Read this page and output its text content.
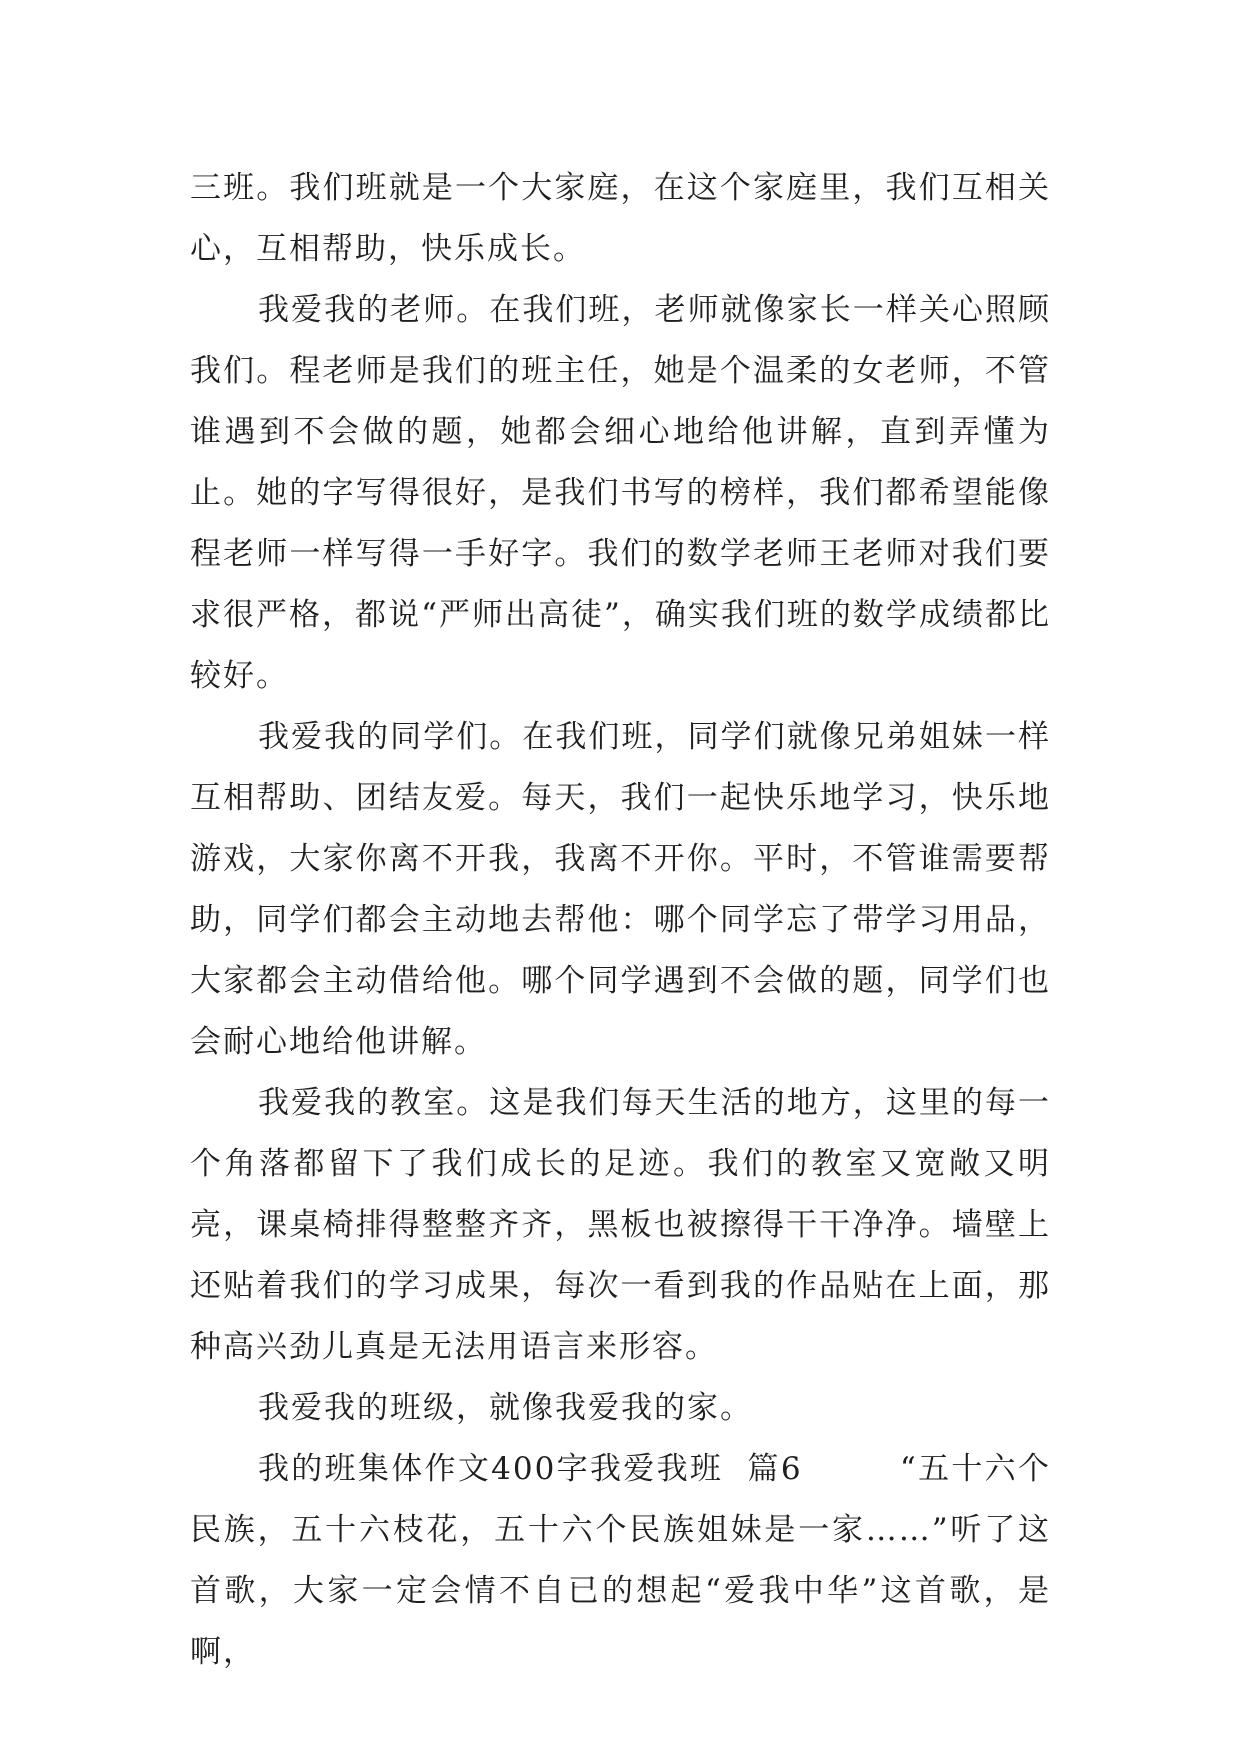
三班。我们班就是一个大家庭，在这个家庭里，我们互相关心，互相帮助，快乐成长。

我爱我的老师。在我们班，老师就像家长一样关心照顾我们。程老师是我们的班主任，她是个温柔的女老师，不管谁遇到不会做的题，她都会细心地给他讲解，直到弄懂为止。她的字写得很好，是我们书写的榜样，我们都希望能像程老师一样写得一手好字。我们的数学老师王老师对我们要求很严格，都说“严师出高徒”，确实我们班的数学成绩都比较好。

我爱我的同学们。在我们班，同学们就像兄弟姐妹一样互相帮助、团结友爱。每天，我们一起快乐地学习，快乐地游戏，大家你离不开我，我离不开你。平时，不管谁需要帮助，同学们都会主动地去帮他：哪个同学忘了带学习用品，大家都会主动借给他。哪个同学遇到不会做的题，同学们也会耐心地给他讲解。

我爱我的教室。这是我们每天生活的地方，这里的每一个角落都留下了我们成长的足迹。我们的教室又宽敞又明亮，课桌椅排得整整齐齐，黑板也被擦得干干净净。墙壁上还贴着我们的学习成果，每次一看到我的作品贴在上面，那种高兴劲儿真是无法用语言来形容。

我爱我的班级，就像我爱我的家。

我的班集体作文400字我爱我班  篇6        “五十六个民族，五十六枝花，五十六个民族姐妹是一家……”听了这首歌，大家一定会情不自已的想起“爱我中华”这首歌，是啊，
